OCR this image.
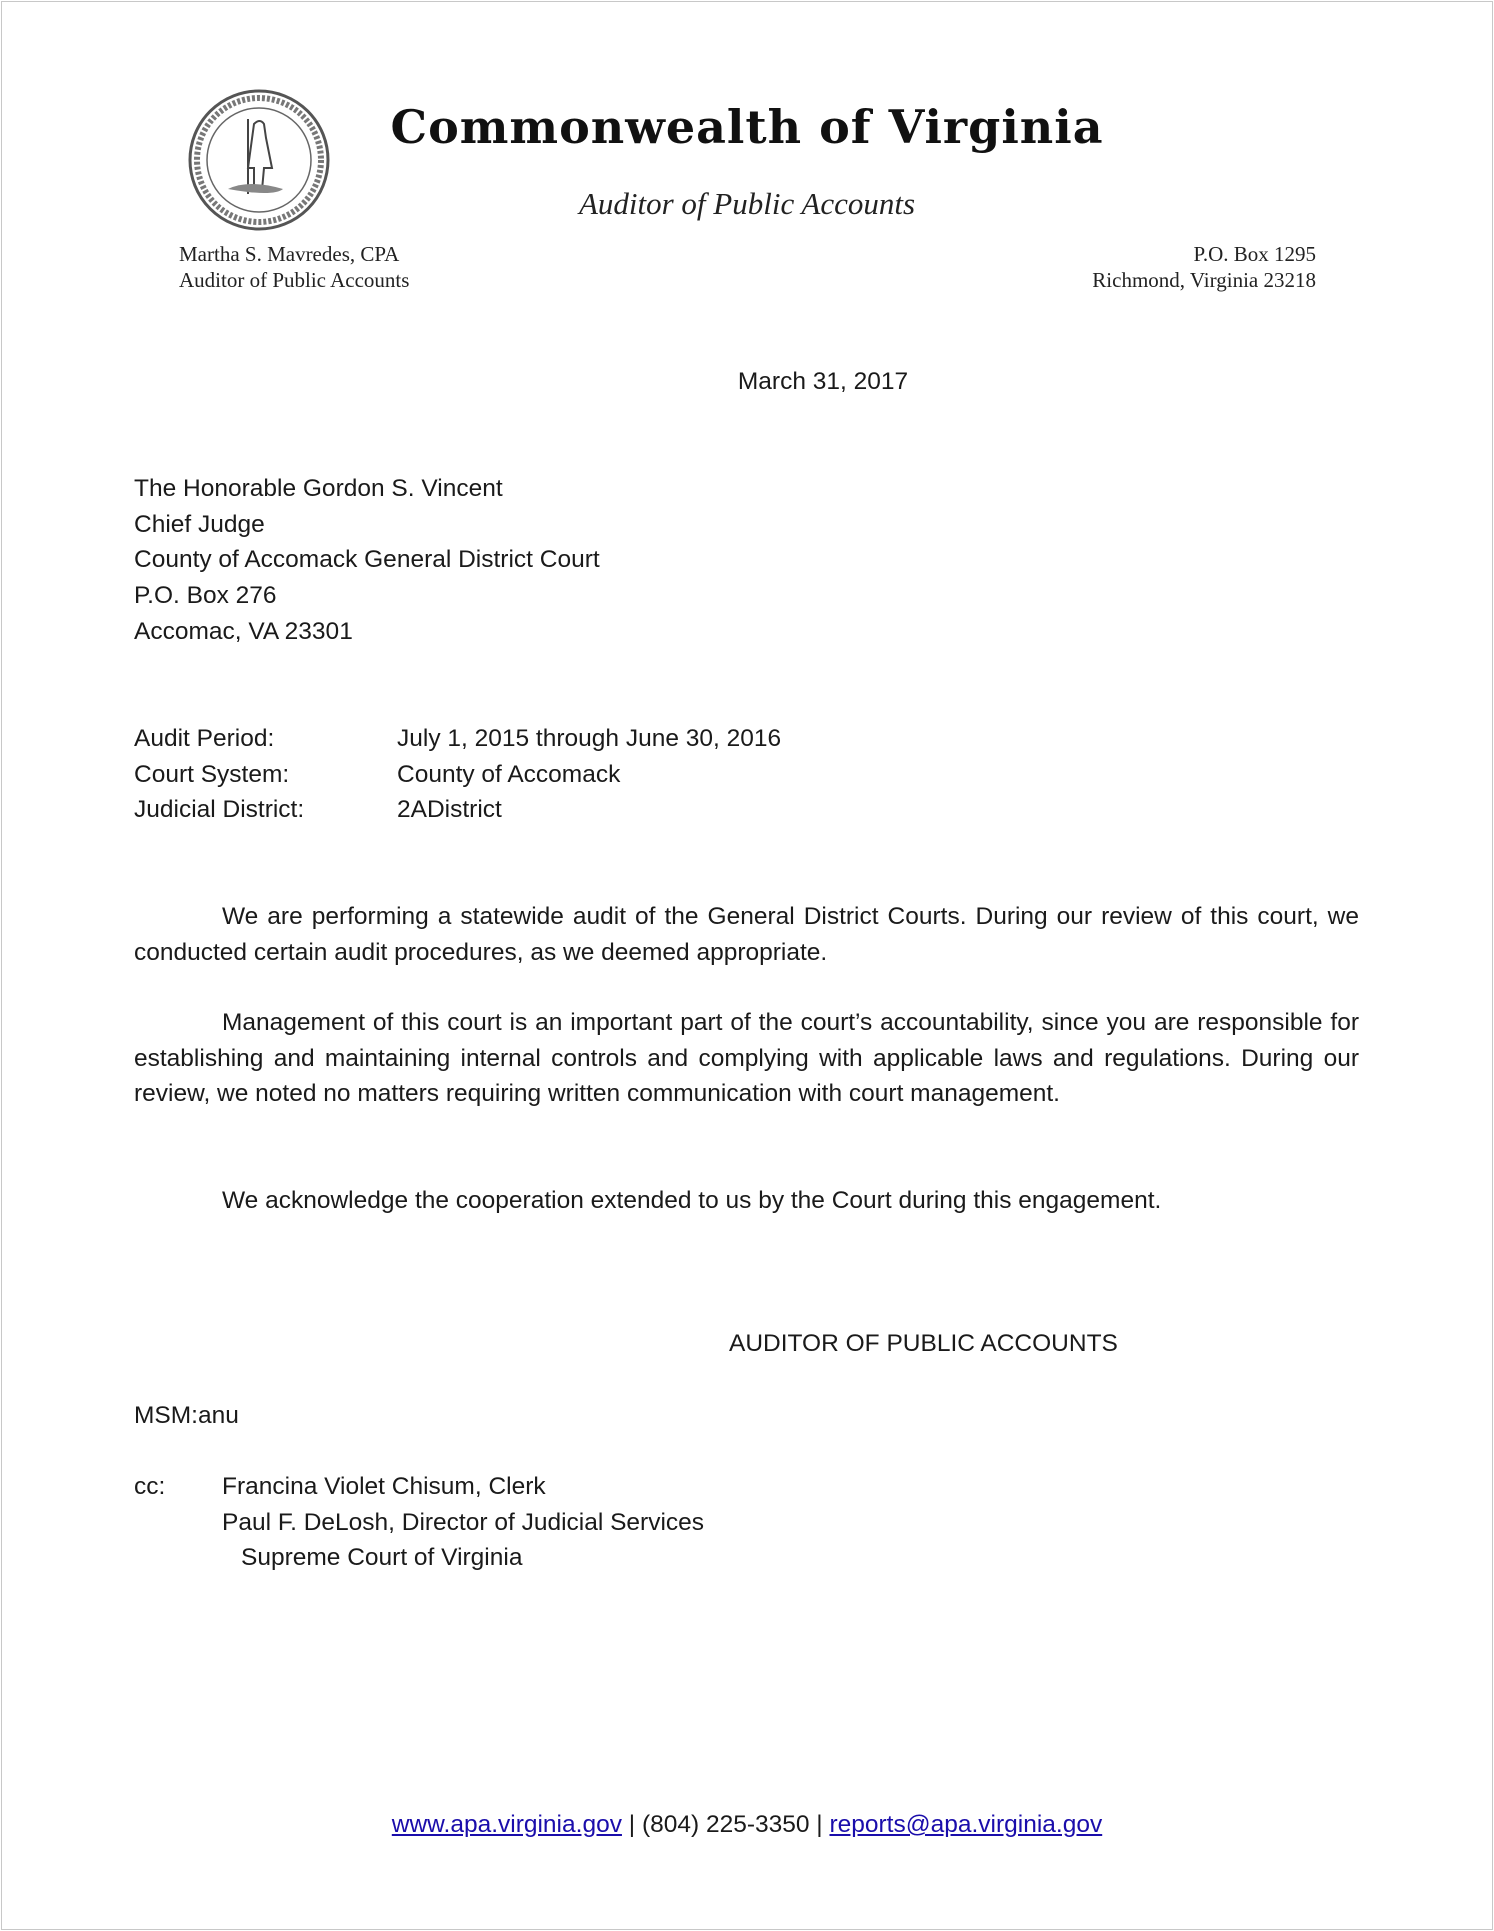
Commonwealth of Virginia
Auditor of Public Accounts
Martha S. Mavredes, CPA
Auditor of Public Accounts
P.O. Box 1295
Richmond, Virginia 23218
March 31, 2017
The Honorable Gordon S. Vincent
Chief Judge
County of Accomack General District Court
P.O. Box 276
Accomac, VA 23301
Audit Period:	July 1, 2015 through June 30, 2016
Court System:	County of Accomack
Judicial District:	2ADistrict

We are performing a statewide audit of the General District Courts. During our review of this court, we conducted certain audit procedures, as we deemed appropriate.

Management of this court is an important part of the court’s accountability, since you are responsible for establishing and maintaining internal controls and complying with applicable laws and regulations. During our review, we noted no matters requiring written communication with court management.

We acknowledge the cooperation extended to us by the Court during this engagement.

AUDITOR OF PUBLIC ACCOUNTS
MSM:anu
cc: Francina Violet Chisum, Clerk
Paul F. DeLosh, Director of Judicial Services
Supreme Court of Virginia
www.apa.virginia.gov | (804) 225-3350 | reports@apa.virginia.gov
